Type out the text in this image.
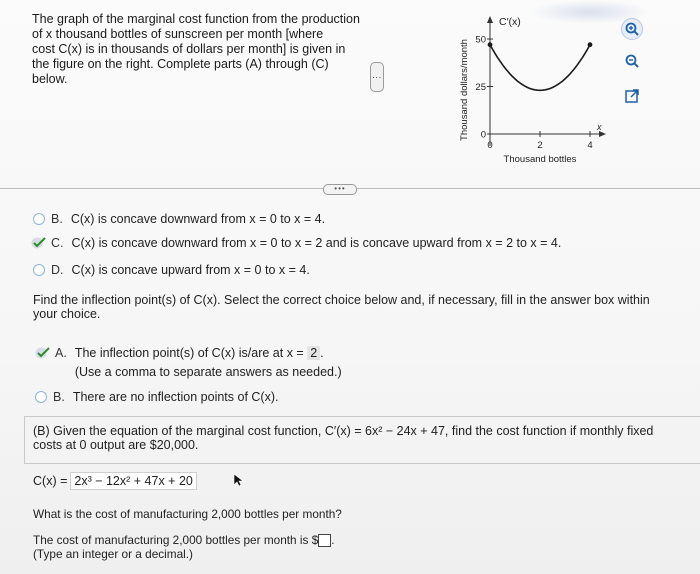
The graph of the marginal cost function from the production
of x thousand bottles of sunscreen per month [where
cost C(x) is in thousands of dollars per month] is given in
the figure on the right. Complete parts (A) through (C)
below.	⋮	Thousand dollars/month 50
25
0
0	2	4
C′(x)
x
Thousand bottles
•••
B. C(x) is concave downward from x = 0 to x = 4.
C. C(x) is concave downward from x = 0 to x = 2 and is concave upward from x = 2 to x = 4.
D. C(x) is concave upward from x = 0 to x = 4.
Find the inflection point(s) of C(x). Select the correct choice below and, if necessary, fill in the answer box within your choice.
A. The inflection point(s) of C(x) is/are at x = 2 .
(Use a comma to separate answers as needed.)
B. There are no inflection points of C(x).
(B) Given the equation of the marginal cost function, C′(x) = 6x² − 24x + 47, find the cost function if monthly fixed costs at 0 output are $20,000.
C(x) = 2x³ − 12x² + 47x + 20
What is the cost of manufacturing 2,000 bottles per month?
The cost of manufacturing 2,000 bottles per month is $ .
(Type an integer or a decimal.)
